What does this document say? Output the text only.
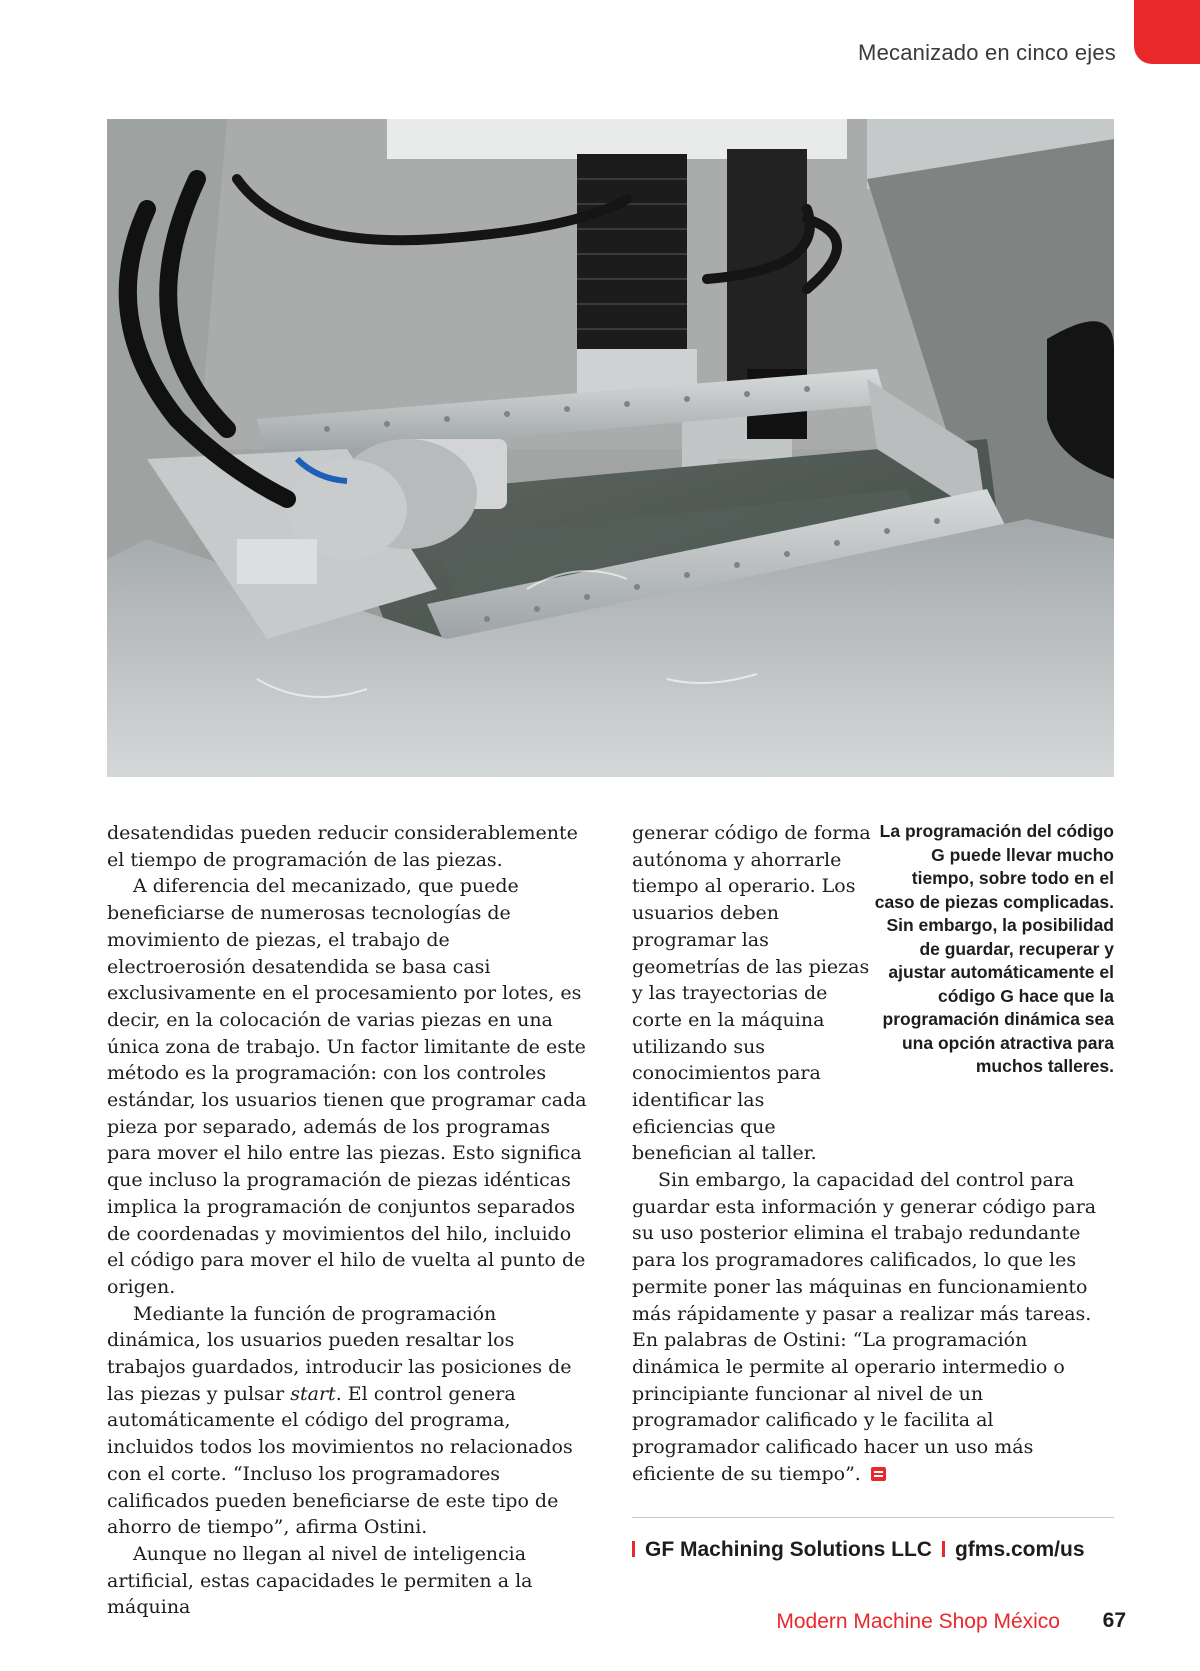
Mecanizado en cinco ejes

desatendidas pueden reducir considerablemente el tiempo de programación de las piezas.

A diferencia del mecanizado, que puede beneficiarse de numerosas tecnologías de movimiento de piezas, el trabajo de electroerosión desatendida se basa casi exclusivamente en el procesamiento por lotes, es decir, en la colocación de varias piezas en una única zona de trabajo. Un factor limitante de este método es la programación: con los controles estándar, los usuarios tienen que programar cada pieza por separado, además de los programas para mover el hilo entre las piezas. Esto significa que incluso la programación de piezas idénticas implica la programación de conjuntos separados de coordenadas y movimientos del hilo, incluido el código para mover el hilo de vuelta al punto de origen.

Mediante la función de programación dinámica, los usuarios pueden resaltar los trabajos guardados, introducir las posiciones de las piezas y pulsar start. El control genera automáticamente el código del programa, incluidos todos los movimientos no relacionados con el corte. “Incluso los programadores calificados pueden beneficiarse de este tipo de ahorro de tiempo”, afirma Ostini.

Aunque no llegan al nivel de inteligencia artificial, estas capacidades le permiten a la máquina

generar código de forma autónoma y ahorrarle tiempo al operario. Los usuarios deben programar las geometrías de las piezas y las trayectorias de corte en la máquina utilizando sus conocimientos para identificar las eficiencias que benefician al taller.

La programación del código G puede llevar mucho tiempo, sobre todo en el caso de piezas complicadas. Sin embargo, la posibilidad de guardar, recuperar y ajustar automáticamente el código G hace que la programación dinámica sea una opción atractiva para muchos talleres.

Sin embargo, la capacidad del control para guardar esta información y generar código para su uso posterior elimina el trabajo redundante para los programadores calificados, lo que les permite poner las máquinas en funcionamiento más rápidamente y pasar a realizar más tareas. En palabras de Ostini: “La programación dinámica le permite al operario intermedio o principiante funcionar al nivel de un programador calificado y le facilita al programador calificado hacer un uso más eficiente de su tiempo”.

GF Machining Solutions LLC gfms.com/us
Modern Machine Shop México 67
